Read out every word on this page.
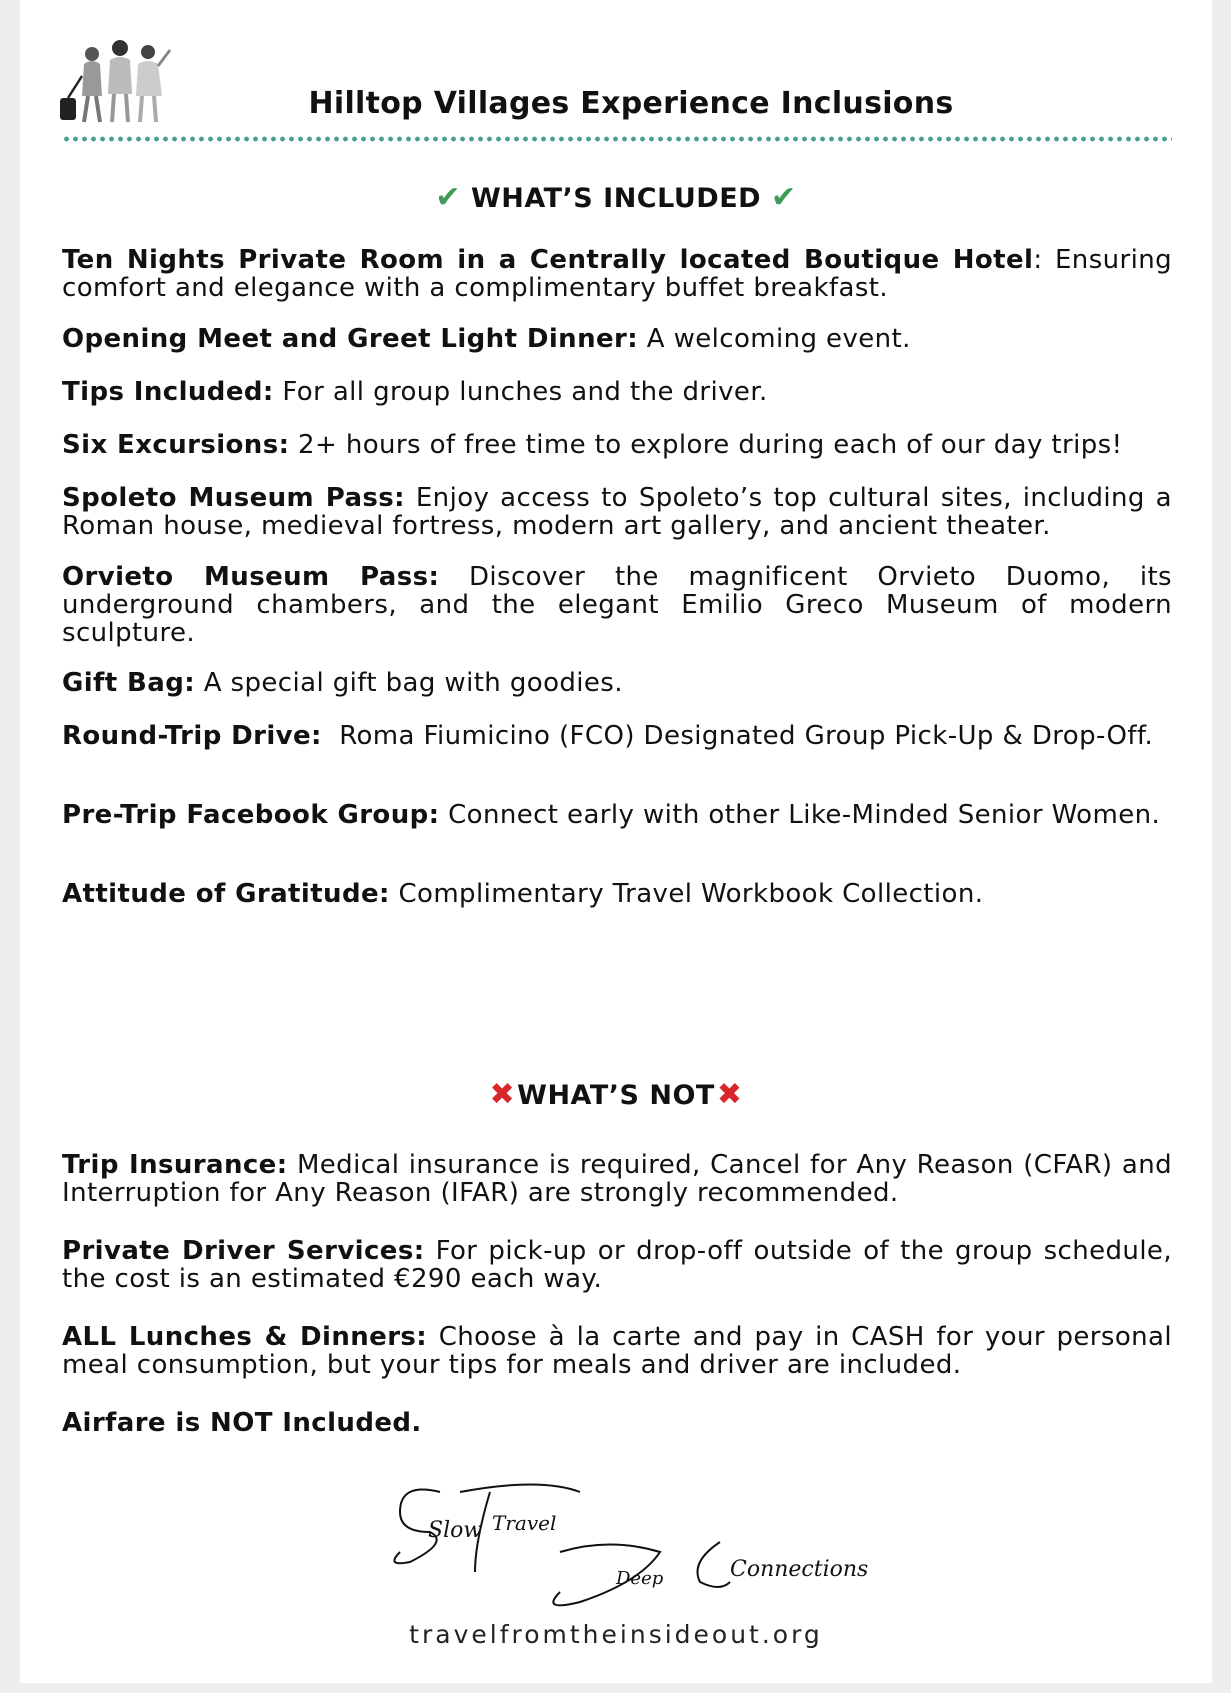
Hilltop Villages Experience Inclusions
✔ WHAT’S INCLUDED ✔
Ten Nights Private Room in a Centrally located Boutique Hotel: Ensuring comfort and elegance with a complimentary buffet breakfast.
Opening Meet and Greet Light Dinner: A welcoming event.
Tips Included: For all group lunches and the driver.
Six Excursions: 2+ hours of free time to explore during each of our day trips!
Spoleto Museum Pass: Enjoy access to Spoleto’s top cultural sites, including a Roman house, medieval fortress, modern art gallery, and ancient theater.
Orvieto Museum Pass: Discover the magnificent Orvieto Duomo, its underground chambers, and the elegant Emilio Greco Museum of modern sculpture.
Gift Bag: A special gift bag with goodies.
Round-Trip Drive: Roma Fiumicino (FCO) Designated Group Pick-Up & Drop-Off.
Pre-Trip Facebook Group: Connect early with other Like-Minded Senior Women.
Attitude of Gratitude: Complimentary Travel Workbook Collection.
✖WHAT’S NOT✖
Trip Insurance: Medical insurance is required, Cancel for Any Reason (CFAR) and Interruption for Any Reason (IFAR) are strongly recommended.
Private Driver Services: For pick-up or drop-off outside of the group schedule, the cost is an estimated €290 each way.
ALL Lunches & Dinners: Choose à la carte and pay in CASH for your personal meal consumption, but your tips for meals and driver are included.
Airfare is NOT Included.
Slow Travel
Deep	Connections
travelfromtheinsideout.org
